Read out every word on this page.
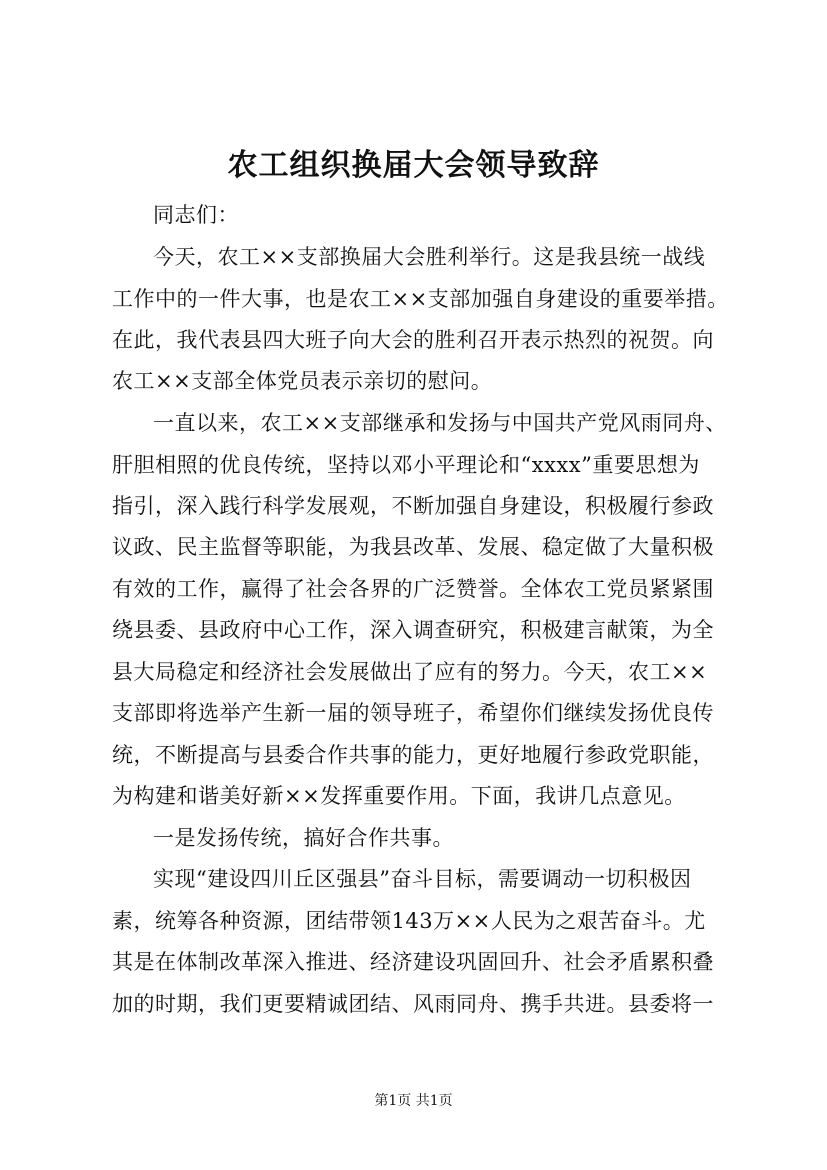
农工组织换届大会领导致辞
同志们：
今天，农工××支部换届大会胜利举行。这是我县统一战线
工作中的一件大事，也是农工××支部加强自身建设的重要举措。
在此，我代表县四大班子向大会的胜利召开表示热烈的祝贺。向
农工××支部全体党员表示亲切的慰问。
一直以来，农工××支部继承和发扬与中国共产党风雨同舟、
肝胆相照的优良传统，坚持以邓小平理论和“xxxx”重要思想为
指引，深入践行科学发展观，不断加强自身建设，积极履行参政
议政、民主监督等职能，为我县改革、发展、稳定做了大量积极
有效的工作，赢得了社会各界的广泛赞誉。全体农工党员紧紧围
绕县委、县政府中心工作，深入调查研究，积极建言献策，为全
县大局稳定和经济社会发展做出了应有的努力。今天，农工××
支部即将选举产生新一届的领导班子，希望你们继续发扬优良传
统，不断提高与县委合作共事的能力，更好地履行参政党职能，
为构建和谐美好新××发挥重要作用。下面，我讲几点意见。
一是发扬传统，搞好合作共事。
实现“建设四川丘区强县”奋斗目标，需要调动一切积极因
素，统筹各种资源，团结带领143万××人民为之艰苦奋斗。尤
其是在体制改革深入推进、经济建设巩固回升、社会矛盾累积叠
加的时期，我们更要精诚团结、风雨同舟、携手共进。县委将一
第1页 共1页
